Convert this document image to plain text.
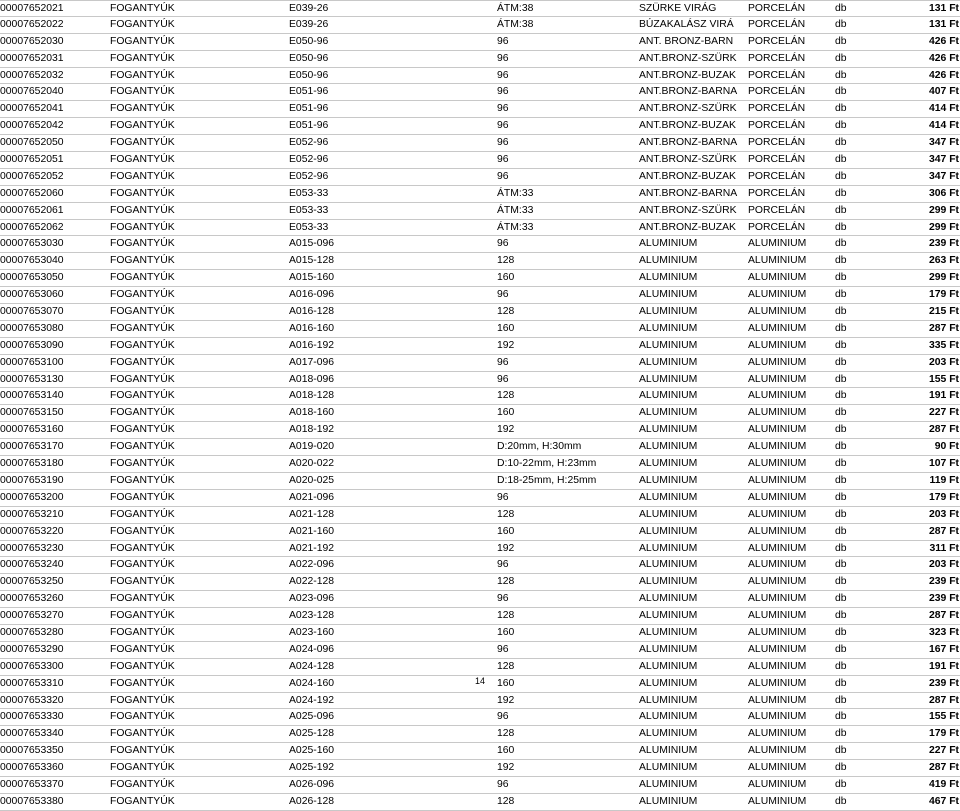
00007652021	FOGANTYÚK	E039-26	ÁTM:38	SZÜRKE VIRÁG	PORCELÁN	db	131 Ft
00007652022	FOGANTYÚK	E039-26	ÁTM:38	BÚZAKALÁSZ VIRÁ PORCELÁN	db	131 Ft
00007652030	FOGANTYÚK	E050-96	96	ANT. BRONZ-BARN PORCELÁN	db	426 Ft
00007652031	FOGANTYÚK	E050-96	96	ANT.BRONZ-SZÜRK PORCELÁN	db	426 Ft
00007652032	FOGANTYÚK	E050-96	96	ANT.BRONZ-BUZAK PORCELÁN	db	426 Ft
00007652040	FOGANTYÚK	E051-96	96	ANT.BRONZ-BARNA PORCELÁN	db	407 Ft
00007652041	FOGANTYÚK	E051-96	96	ANT.BRONZ-SZÜRK PORCELÁN	db	414 Ft
00007652042	FOGANTYÚK	E051-96	96	ANT.BRONZ-BUZAK PORCELÁN	db	414 Ft
00007652050	FOGANTYÚK	E052-96	96	ANT.BRONZ-BARNA PORCELÁN	db	347 Ft
00007652051	FOGANTYÚK	E052-96	96	ANT.BRONZ-SZÜRK PORCELÁN	db	347 Ft
00007652052	FOGANTYÚK	E052-96	96	ANT.BRONZ-BUZAK PORCELÁN	db	347 Ft
00007652060	FOGANTYÚK	E053-33	ÁTM:33	ANT.BRONZ-BARNA PORCELÁN	db	306 Ft
00007652061	FOGANTYÚK	E053-33	ÁTM:33	ANT.BRONZ-SZÜRK PORCELÁN	db	299 Ft
00007652062	FOGANTYÚK	E053-33	ÁTM:33	ANT.BRONZ-BUZAK PORCELÁN	db	299 Ft
00007653030	FOGANTYÚK	A015-096	96	ALUMINIUM	ALUMINIUM	db	239 Ft
00007653040	FOGANTYÚK	A015-128	128	ALUMINIUM	ALUMINIUM	db	263 Ft
00007653050	FOGANTYÚK	A015-160	160	ALUMINIUM	ALUMINIUM	db	299 Ft
00007653060	FOGANTYÚK	A016-096	96	ALUMINIUM	ALUMINIUM	db	179 Ft
00007653070	FOGANTYÚK	A016-128	128	ALUMINIUM	ALUMINIUM	db	215 Ft
00007653080	FOGANTYÚK	A016-160	160	ALUMINIUM	ALUMINIUM	db	287 Ft
00007653090	FOGANTYÚK	A016-192	192	ALUMINIUM	ALUMINIUM	db	335 Ft
00007653100	FOGANTYÚK	A017-096	96	ALUMINIUM	ALUMINIUM	db	203 Ft
00007653130	FOGANTYÚK	A018-096	96	ALUMINIUM	ALUMINIUM	db	155 Ft
00007653140	FOGANTYÚK	A018-128	128	ALUMINIUM	ALUMINIUM	db	191 Ft
00007653150	FOGANTYÚK	A018-160	160	ALUMINIUM	ALUMINIUM	db	227 Ft
00007653160	FOGANTYÚK	A018-192	192	ALUMINIUM	ALUMINIUM	db	287 Ft
00007653170	FOGANTYÚK	A019-020	D:20mm, H:30mm	ALUMINIUM	ALUMINIUM	db	90 Ft
00007653180	FOGANTYÚK	A020-022	D:10-22mm, H:23mm	ALUMINIUM	ALUMINIUM	db	107 Ft
00007653190	FOGANTYÚK	A020-025	D:18-25mm, H:25mm	ALUMINIUM	ALUMINIUM	db	119 Ft
00007653200	FOGANTYÚK	A021-096	96	ALUMINIUM	ALUMINIUM	db	179 Ft
00007653210	FOGANTYÚK	A021-128	128	ALUMINIUM	ALUMINIUM	db	203 Ft
00007653220	FOGANTYÚK	A021-160	160	ALUMINIUM	ALUMINIUM	db	287 Ft
00007653230	FOGANTYÚK	A021-192	192	ALUMINIUM	ALUMINIUM	db	311 Ft
00007653240	FOGANTYÚK	A022-096	96	ALUMINIUM	ALUMINIUM	db	203 Ft
00007653250	FOGANTYÚK	A022-128	128	ALUMINIUM	ALUMINIUM	db	239 Ft
00007653260	FOGANTYÚK	A023-096	96	ALUMINIUM	ALUMINIUM	db	239 Ft
00007653270	FOGANTYÚK	A023-128	128	ALUMINIUM	ALUMINIUM	db	287 Ft
00007653280	FOGANTYÚK	A023-160	160	ALUMINIUM	ALUMINIUM	db	323 Ft
00007653290	FOGANTYÚK	A024-096	96	ALUMINIUM	ALUMINIUM	db	167 Ft
00007653300	FOGANTYÚK	A024-128	128	ALUMINIUM	ALUMINIUM	db	191 Ft
00007653310	FOGANTYÚK	A024-160	160	ALUMINIUM	ALUMINIUM	db	239 Ft
00007653320	FOGANTYÚK	A024-192	192	ALUMINIUM	ALUMINIUM	db	287 Ft
00007653330	FOGANTYÚK	A025-096	96	ALUMINIUM	ALUMINIUM	db	155 Ft
00007653340	FOGANTYÚK	A025-128	128	ALUMINIUM	ALUMINIUM	db	179 Ft
00007653350	FOGANTYÚK	A025-160	160	ALUMINIUM	ALUMINIUM	db	227 Ft
00007653360	FOGANTYÚK	A025-192	192	ALUMINIUM	ALUMINIUM	db	287 Ft
00007653370	FOGANTYÚK	A026-096	96	ALUMINIUM	ALUMINIUM	db	419 Ft
00007653380	FOGANTYÚK	A026-128	128	ALUMINIUM	ALUMINIUM	db	467 Ft
14
